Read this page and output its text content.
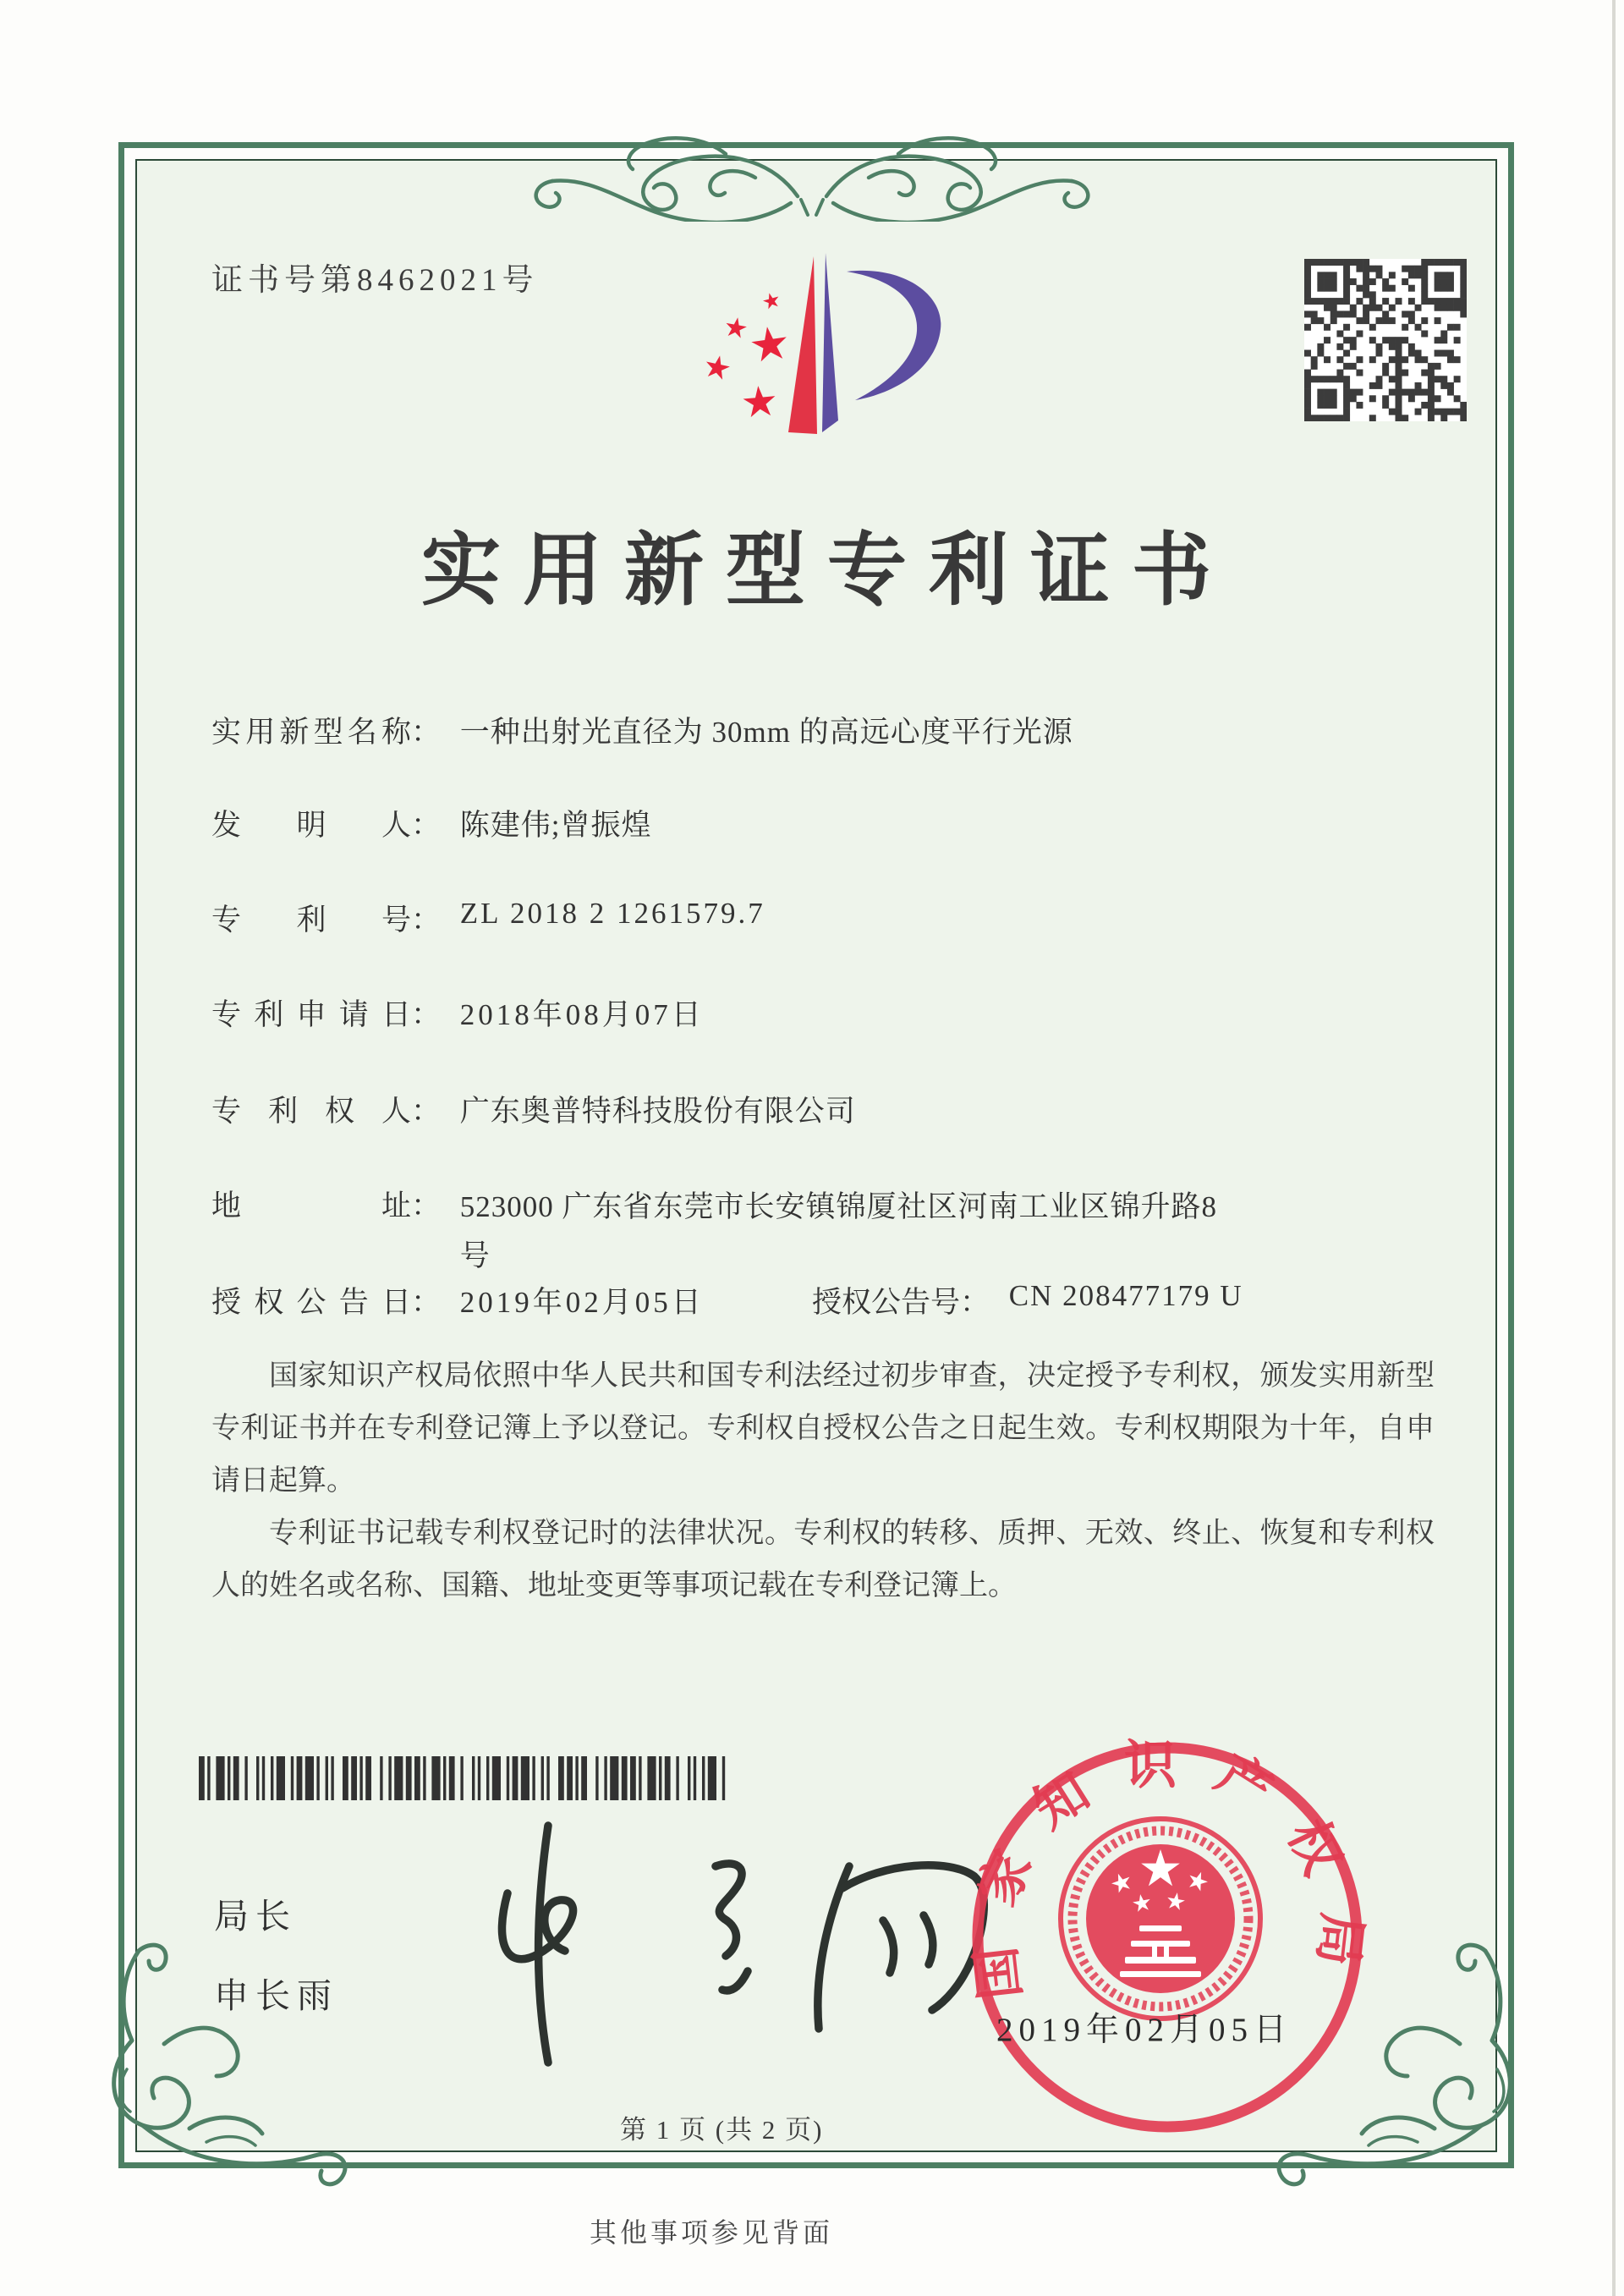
证书号第8462021号
实用新型专利证书
实用新型名称： 一种出射光直径为 30mm 的高远心度平行光源
发明人： 陈建伟;曾振煌
专利号： ZL 2018 2 1261579.7
专利申请日： 2018年08月07日
专利权人： 广东奥普特科技股份有限公司
地址： 523000 广东省东莞市长安镇锦厦社区河南工业区锦升路8号
授权公告日： 2019年02月05日	授权公告号： CN 208477179 U

国家知识产权局依照中华人民共和国专利法经过初步审查，决定授予专利权，颁发实用新型专利证书并在专利登记簿上予以登记。专利权自授权公告之日起生效。专利权期限为十年，自申请日起算。

专利证书记载专利权登记时的法律状况。专利权的转移、质押、无效、终止、恢复和专利权人的姓名或名称、国籍、地址变更等事项记载在专利登记簿上。

局长
申长雨	国家知识产权局
2019年02月05日
第 1 页 (共 2 页)
其他事项参见背面
